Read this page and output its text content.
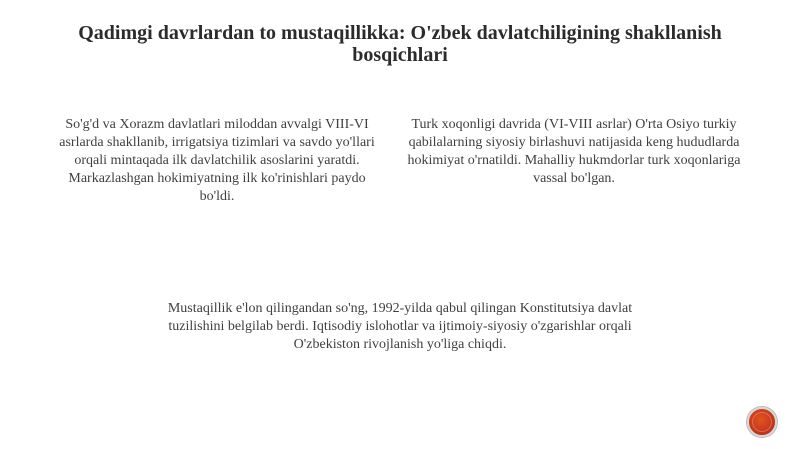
Qadimgi davrlardan to mustaqillikka: O'zbek davlatchiligining shakllanish bosqichlari

So'g'd va Xorazm davlatlari miloddan avvalgi VIII-VI asrlarda shakllanib, irrigatsiya tizimlari va savdo yo'llari orqali mintaqada ilk davlatchilik asoslarini yaratdi. Markazlashgan hokimiyatning ilk ko'rinishlari paydo bo'ldi.

Turk xoqonligi davrida (VI-VIII asrlar) O'rta Osiyo turkiy qabilalarning siyosiy birlashuvi natijasida keng hududlarda hokimiyat o'rnatildi. Mahalliy hukmdorlar turk xoqonlariga vassal bo'lgan.

Mustaqillik e'lon qilingandan so'ng, 1992-yilda qabul qilingan Konstitutsiya davlat tuzilishini belgilab berdi. Iqtisodiy islohotlar va ijtimoiy-siyosiy o'zgarishlar orqali O'zbekiston rivojlanish yo'liga chiqdi.
